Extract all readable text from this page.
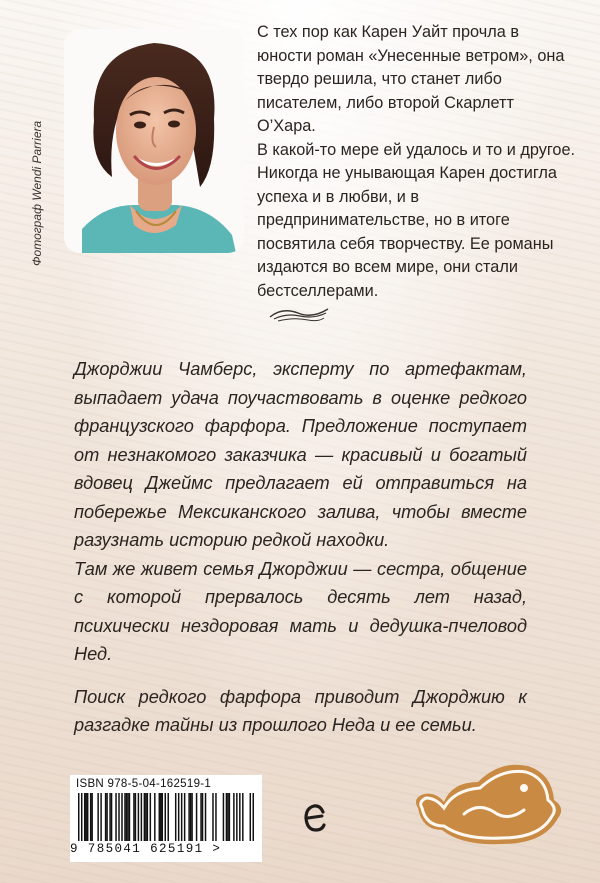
Фотограф Wendi Parriera

С тех пор как Карен Уайт прочла в юности роман «Унесенные ветром», она твердо решила, что станет либо писателем, либо второй Скарлетт О’Хара.

В какой-то мере ей удалось и то и другое. Никогда не унывающая Карен достигла успеха и в любви, и в предпринимательстве, но в итоге посвятила себя творчеству. Ее романы издаются во всем мире, они стали бестселлерами.

Джорджии Чамберс, эксперту по артефактам, выпадает удача поучаствовать в оценке редкого французского фарфора. Предложение поступает от незнакомого заказчика — красивый и богатый вдовец Джеймс предлагает ей отправиться на побережье Мексиканского залива, чтобы вместе разузнать историю редкой находки.

Там же живет семья Джорджии — сестра, общение с которой прервалось десять лет назад, психически нездоровая мать и дедушка-пчеловод Нед.

Поиск редкого фарфора приводит Джорджию к разгадке тайны из прошлого Неда и ее семьи.

ISBN 978-5-04-162519-1
9 785041 625191 >
